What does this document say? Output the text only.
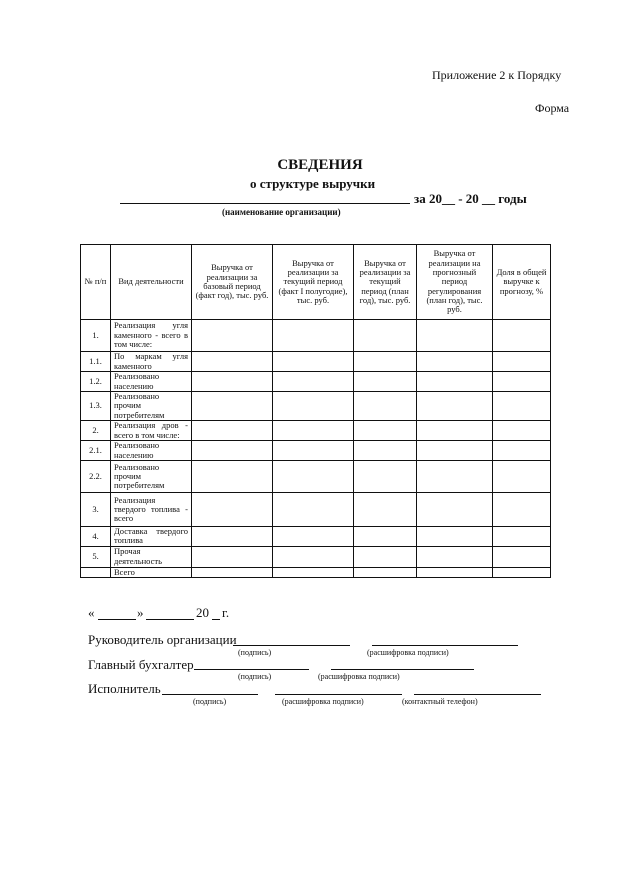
Приложение 2 к Порядку
Форма
СВЕДЕНИЯ
о структуре выручки
за 20__ - 20 __ годы
(наименование организации)
№ п/п	Вид деятельности	Выручка от реализации за базовый период (факт год), тыс. руб.	Выручка от реализации за текущий период (факт I полугодие), тыс. руб.	Выручка от реализации за текущий период (план год), тыс. руб.	Выручка от реализации на прогнозный период регулирования (план год), тыс. руб.	Доля в общей выручке к прогнозу, %
1.	Реализация угля каменного - всего в том числе:					
1.1.	По маркам угля каменного					
1.2.	Реализовано населению					
1.3.	Реализовано прочим потребителям					
2.	Реализация дров - всего в том числе:					
2.1.	Реализовано населению					
2.2.	Реализовано прочим потребителям					
3.	Реализация твердого топлива - всего					
4.	Доставка твердого топлива					
5.	Прочая деятельность					
	Всего					
«	»	20 г.
Руководитель организации
(подпись)	(расшифровка подписи)
Главный бухгалтер
(подпись)	(расшифровка подписи)
Исполнитель
(подпись)	(расшифровка подписи)	(контактный телефон)
